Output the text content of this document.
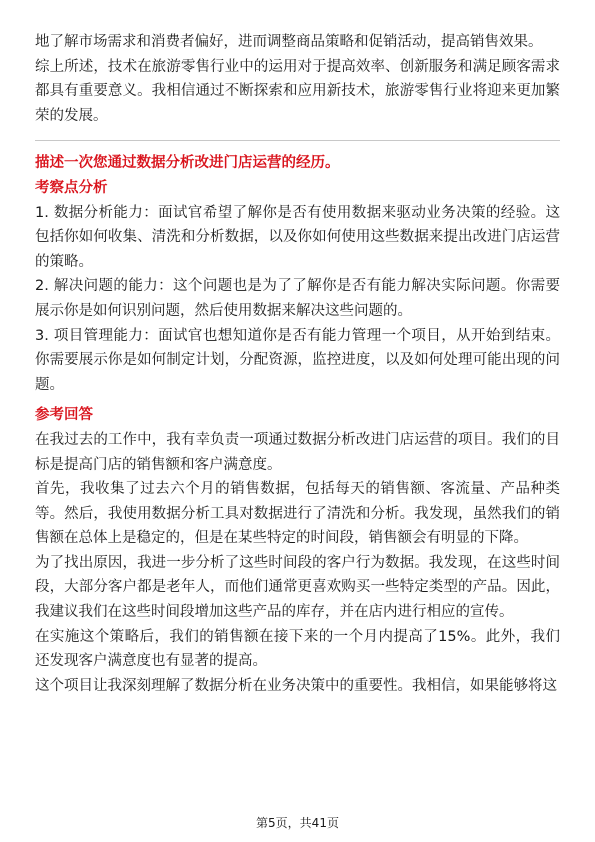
地了解市场需求和消费者偏好，进而调整商品策略和促销活动，提高销售效果。

综上所述，技术在旅游零售行业中的运用对于提高效率、创新服务和满足顾客需求都具有重要意义。我相信通过不断探索和应用新技术，旅游零售行业将迎来更加繁荣的发展。

描述一次您通过数据分析改进门店运营的经历。
考察点分析

1. 数据分析能力：面试官希望了解你是否有使用数据来驱动业务决策的经验。这包括你如何收集、清洗和分析数据，以及你如何使用这些数据来提出改进门店运营的策略。

2. 解决问题的能力：这个问题也是为了了解你是否有能力解决实际问题。你需要展示你是如何识别问题，然后使用数据来解决这些问题的。

3. 项目管理能力：面试官也想知道你是否有能力管理一个项目，从开始到结束。你需要展示你是如何制定计划，分配资源，监控进度，以及如何处理可能出现的问题。

参考回答

在我过去的工作中，我有幸负责一项通过数据分析改进门店运营的项目。我们的目标是提高门店的销售额和客户满意度。

首先，我收集了过去六个月的销售数据，包括每天的销售额、客流量、产品种类等。然后，我使用数据分析工具对数据进行了清洗和分析。我发现，虽然我们的销售额在总体上是稳定的，但是在某些特定的时间段，销售额会有明显的下降。

为了找出原因，我进一步分析了这些时间段的客户行为数据。我发现，在这些时间段，大部分客户都是老年人，而他们通常更喜欢购买一些特定类型的产品。因此，我建议我们在这些时间段增加这些产品的库存，并在店内进行相应的宣传。

在实施这个策略后，我们的销售额在接下来的一个月内提高了15%。此外，我们还发现客户满意度也有显著的提高。

这个项目让我深刻理解了数据分析在业务决策中的重要性。我相信，如果能够将这

第5页，共41页
